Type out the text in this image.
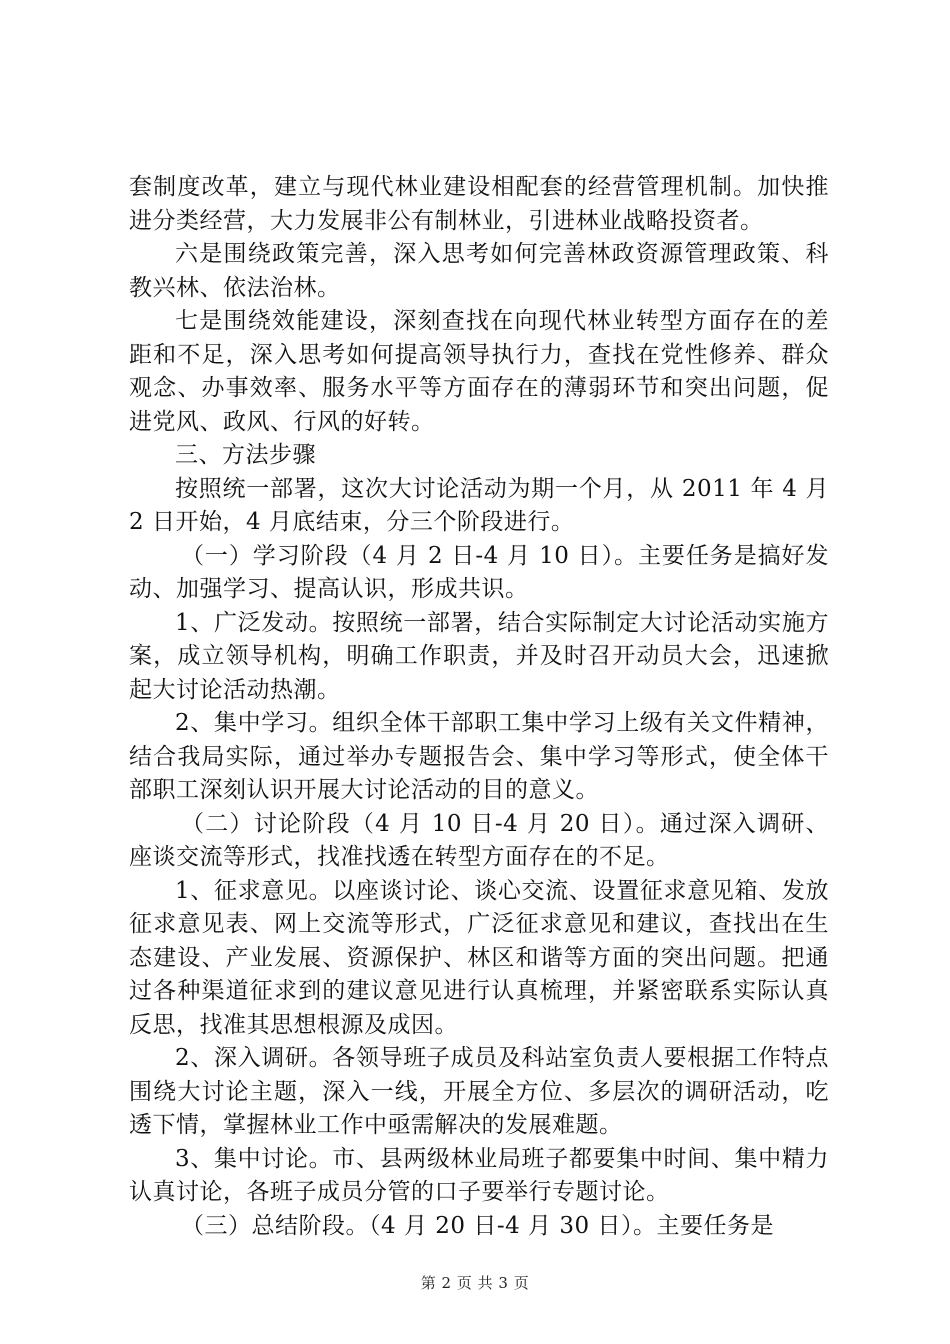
套制度改革，建立与现代林业建设相配套的经营管理机制。加快推进分类经营，大力发展非公有制林业，引进林业战略投资者。

六是围绕政策完善，深入思考如何完善林政资源管理政策、科教兴林、依法治林。

七是围绕效能建设，深刻查找在向现代林业转型方面存在的差距和不足，深入思考如何提高领导执行力，查找在党性修养、群众观念、办事效率、服务水平等方面存在的薄弱环节和突出问题，促进党风、政风、行风的好转。

三、方法步骤

按照统一部署，这次大讨论活动为期一个月，从 2011 年 4 月 2 日开始，4 月底结束，分三个阶段进行。

（一）学习阶段（4 月 2 日-4 月 10 日）。主要任务是搞好发动、加强学习、提高认识，形成共识。

1、广泛发动。按照统一部署，结合实际制定大讨论活动实施方案，成立领导机构，明确工作职责，并及时召开动员大会，迅速掀起大讨论活动热潮。

2、集中学习。组织全体干部职工集中学习上级有关文件精神，结合我局实际，通过举办专题报告会、集中学习等形式，使全体干部职工深刻认识开展大讨论活动的目的意义。

（二）讨论阶段（4 月 10 日-4 月 20 日）。通过深入调研、座谈交流等形式，找准找透在转型方面存在的不足。

1、征求意见。以座谈讨论、谈心交流、设置征求意见箱、发放征求意见表、网上交流等形式，广泛征求意见和建议，查找出在生态建设、产业发展、资源保护、林区和谐等方面的突出问题。把通过各种渠道征求到的建议意见进行认真梳理，并紧密联系实际认真反思，找准其思想根源及成因。

2、深入调研。各领导班子成员及科站室负责人要根据工作特点围绕大讨论主题，深入一线，开展全方位、多层次的调研活动，吃透下情，掌握林业工作中亟需解决的发展难题。

3、集中讨论。市、县两级林业局班子都要集中时间、集中精力认真讨论，各班子成员分管的口子要举行专题讨论。

（三）总结阶段。（4 月 20 日-4 月 30 日）。主要任务是

第 2 页 共 3 页
